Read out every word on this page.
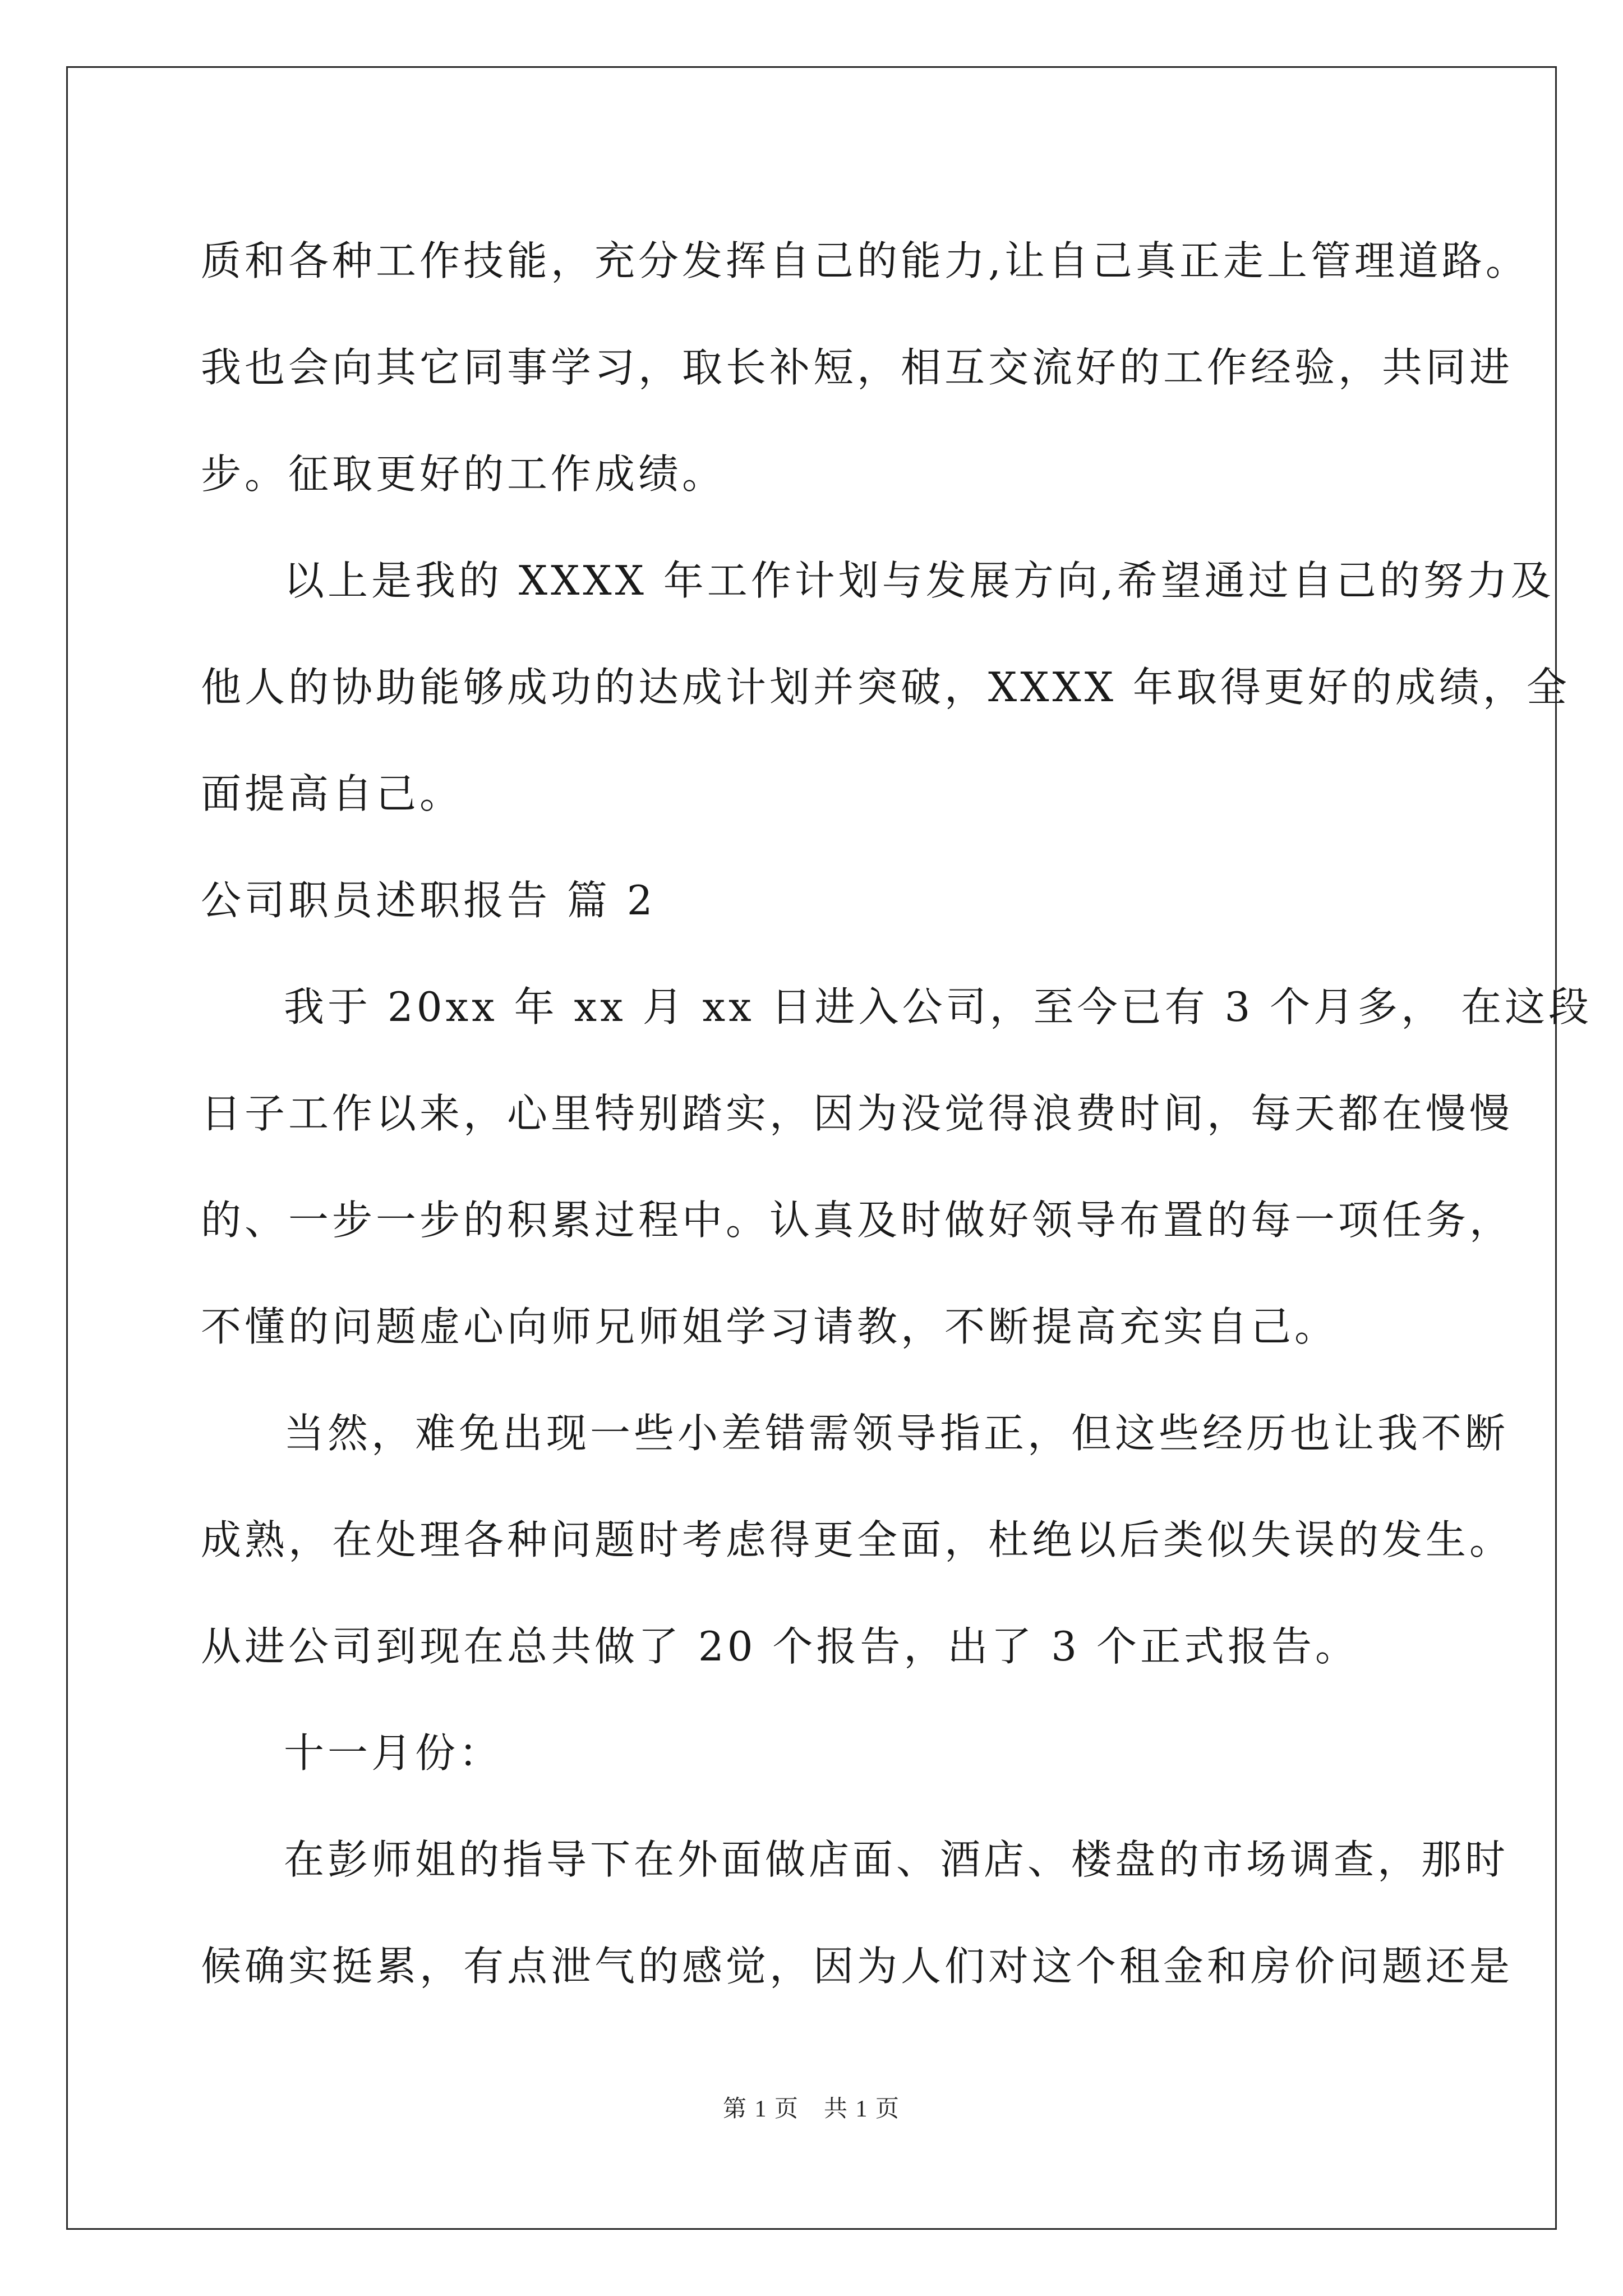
质和各种工作技能，充分发挥自己的能力,让自己真正走上管理道路。
我也会向其它同事学习，取长补短，相互交流好的工作经验，共同进
步。征取更好的工作成绩。
以上是我的 XXXX 年工作计划与发展方向,希望通过自己的努力及
他人的协助能够成功的达成计划并突破，XXXX 年取得更好的成绩，全
面提高自己。
公司职员述职报告 篇 2
我于 20xx 年 xx 月 xx 日进入公司，至今已有 3 个月多， 在这段
日子工作以来，心里特别踏实，因为没觉得浪费时间，每天都在慢慢
的、一步一步的积累过程中。认真及时做好领导布置的每一项任务，
不懂的问题虚心向师兄师姐学习请教，不断提高充实自己。
当然，难免出现一些小差错需领导指正，但这些经历也让我不断
成熟，在处理各种问题时考虑得更全面，杜绝以后类似失误的发生。
从进公司到现在总共做了 20 个报告，出了 3 个正式报告。
十一月份：
在彭师姐的指导下在外面做店面、酒店、楼盘的市场调查，那时
候确实挺累，有点泄气的感觉，因为人们对这个租金和房价问题还是
第 1 页　共 1 页
